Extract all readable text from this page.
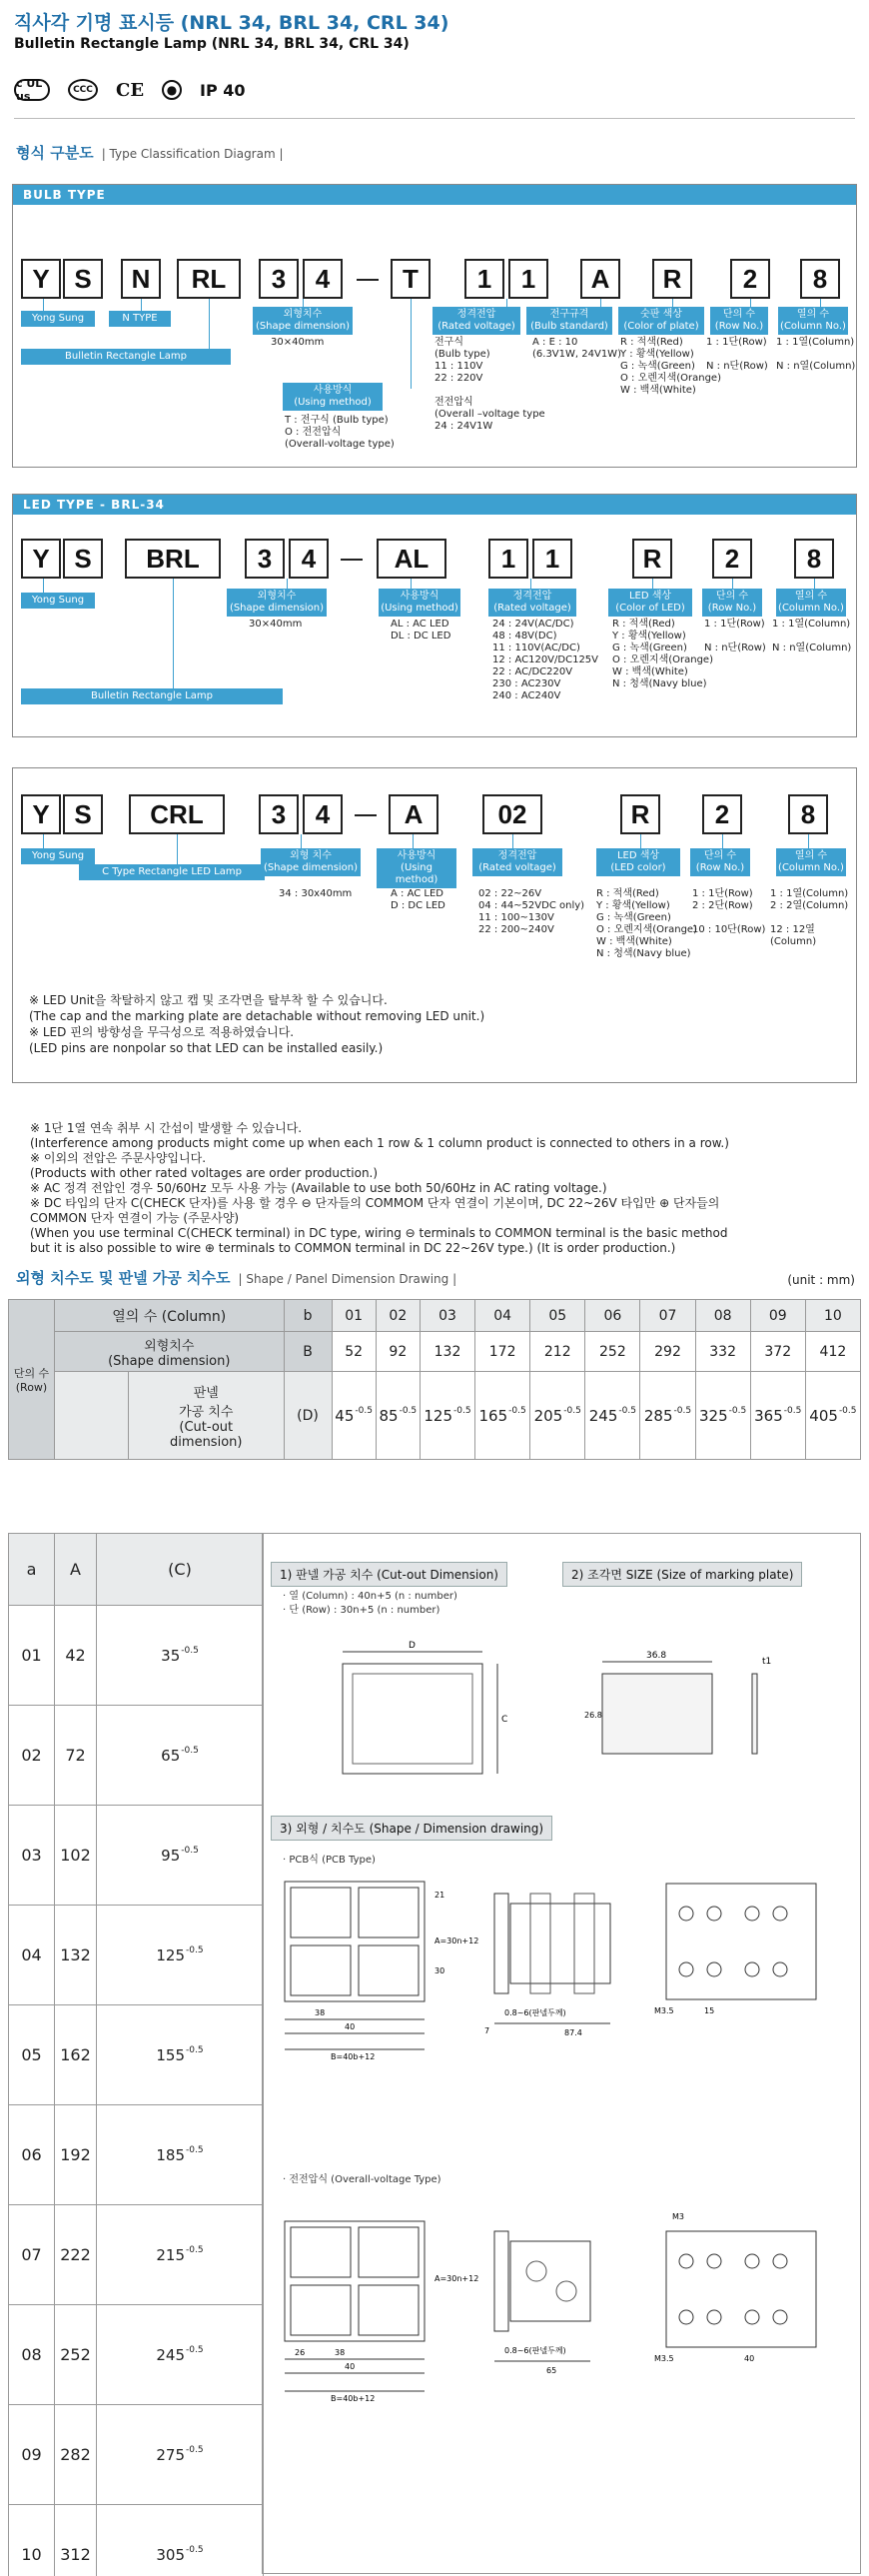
직사각 기명 표시등 (NRL 34, BRL 34, CRL 34)
Bulletin Rectangle Lamp (NRL 34, BRL 34, CRL 34)
c UL us	CCC CE	● IP 40
형식 구분도 | Type Classification Diagram |
BULB TYPE
Y S	N	RL	3	4	T	1	1	A	R	2	8
Yong Sung	N TYPE
Bulletin Rectangle Lamp
외형치수
(Shape dimension)
30×40mm
사용방식
(Using method)
T : 전구식 (Bulb type)
O : 전전압식
(Overall-voltage type)
정격전압
(Rated voltage)
전구식
(Bulb type)
11 : 110V
22 : 220V

전전압식
(Overall –voltage type
24 : 24V1W
전구규격
(Bulb standard)
A : E : 10
(6.3V1W, 24V1W)
숫판 색상
(Color of plate)
R : 적색(Red)
Y : 황색(Yellow)
G : 녹색(Green)
O : 오렌지색(Orange)
W : 백색(White)
단의 수
(Row No.)
1 : 1단(Row)

N : n단(Row)
열의 수
(Column No.)
1 : 1열(Column)

N : n열(Column)
LED TYPE - BRL-34
Y S	BRL	3	4	AL	1	1	R	2	8
Yong Sung
Bulletin Rectangle Lamp
외형치수
(Shape dimension)
30×40mm
사용방식
(Using method)
AL : AC LED
DL : DC LED
정격전압
(Rated voltage)
24 : 24V(AC/DC)
48 : 48V(DC)
11 : 110V(AC/DC)
12 : AC120V/DC125V
22 : AC/DC220V
230 : AC230V
240 : AC240V
LED 색상
(Color of LED)
R : 적색(Red)
Y : 황색(Yellow)
G : 녹색(Green)
O : 오렌지색(Orange)
W : 백색(White)
N : 청색(Navy blue)
단의 수
(Row No.)
1 : 1단(Row)

N : n단(Row)
열의 수
(Column No.)
1 : 1열(Column)

N : n열(Column)
Y S	CRL	3	4	A	02	R	2	8
Yong Sung
C Type Rectangle LED Lamp
외형 치수
(Shape dimension)
34 : 30x40mm
사용방식
(Using method)
A : AC LED
D : DC LED
정격전압
(Rated voltage)
02 : 22~26V
04 : 44~52VDC only)
11 : 100~130V
22 : 200~240V
LED 색상
(LED color)
R : 적색(Red)
Y : 황색(Yellow)
G : 녹색(Green)
O : 오렌지색(Orange)
W : 백색(White)
N : 청색(Navy blue)
단의 수
(Row No.)
1 : 1단(Row)
2 : 2단(Row)

10 : 10단(Row)
열의 수
(Column No.)
1 : 1열(Column)
2 : 2열(Column)

12 : 12열(Column)

※ LED Unit을 착탈하지 않고 캡 및 조각면을 탈부착 할 수 있습니다.
(The cap and the marking plate are detachable without removing LED unit.)

※ LED 핀의 방향성을 무극성으로 적용하였습니다.
(LED pins are nonpolar so that LED can be installed easily.)

※ 1단 1열 연속 취부 시 간섭이 발생할 수 있습니다.
(Interference among products might come up when each 1 row & 1 column product is connected to others in a row.)

※ 이외의 전압은 주문사양입니다.
(Products with other rated voltages are order production.)

※ AC 정격 전압인 경우 50/60Hz 모두 사용 가능 (Available to use both 50/60Hz in AC rating voltage.)

※ DC 타입의 단자 C(CHECK 단자)를 사용 할 경우 ⊖ 단자들의 COMMOM 단자 연결이 기본이며, DC 22~26V 타입만 ⊕ 단자들의
COMMON 단자 연결이 가능 (주문사양)
(When you use terminal C(CHECK terminal) in DC type, wiring ⊖ terminals to COMMON terminal is the basic method
but it is also possible to wire ⊕ terminals to COMMON terminal in DC 22~26V type.) (It is order production.)

외형 치수도 및 판넬 가공 치수도 | Shape / Panel Dimension Drawing |	(unit : mm)
단의 수
(Row)	열의 수 (Column)		b	01	02	03	04	05	06	07	08	09	10
	외형치수
(Shape dimension)		B	52	92	132	172	212	252	292	332	372	412
		판넬
가공 치수
(Cut-out
dimension)	(D)	$45^{-0.5}$	$85^{-0.5}$	$125^{-0.5}$	$165^{-0.5}$	$205^{-0.5}$	$245^{-0.5}$	$285^{-0.5}$	$325^{-0.5}$	$365^{-0.5}$	$405^{-0.5}$
a	A	(C)
01	42	$35^{-0.5}$
02	72	$65^{-0.5}$
03	102	$95^{-0.5}$
04	132	$125^{-0.5}$
05	162	$155^{-0.5}$
06	192	$185^{-0.5}$
07	222	$215^{-0.5}$
08	252	$245^{-0.5}$
09	282	$275^{-0.5}$
10	312	$305^{-0.5}$
1) 판넬 가공 치수 (Cut-out Dimension)
· 열 (Column) : 40n+5 (n : number)
· 단 (Row) : 30n+5 (n : number)
2) 조각면 SIZE (Size of marking plate)
D
C
36.8
26.8
t1
3) 외형 / 치수도 (Shape / Dimension drawing)
· PCB식 (PCB Type)
38
40
B=40b+12
A=30n+12
21
30
87.4
0.8~6(판넬두께)
7
M3.5	15
· 전전압식 (Overall-voltage Type)
26	38
40
B=40b+12
A=30n+12
65
0.8~6(판넬두께)
M3
M3.5	40
